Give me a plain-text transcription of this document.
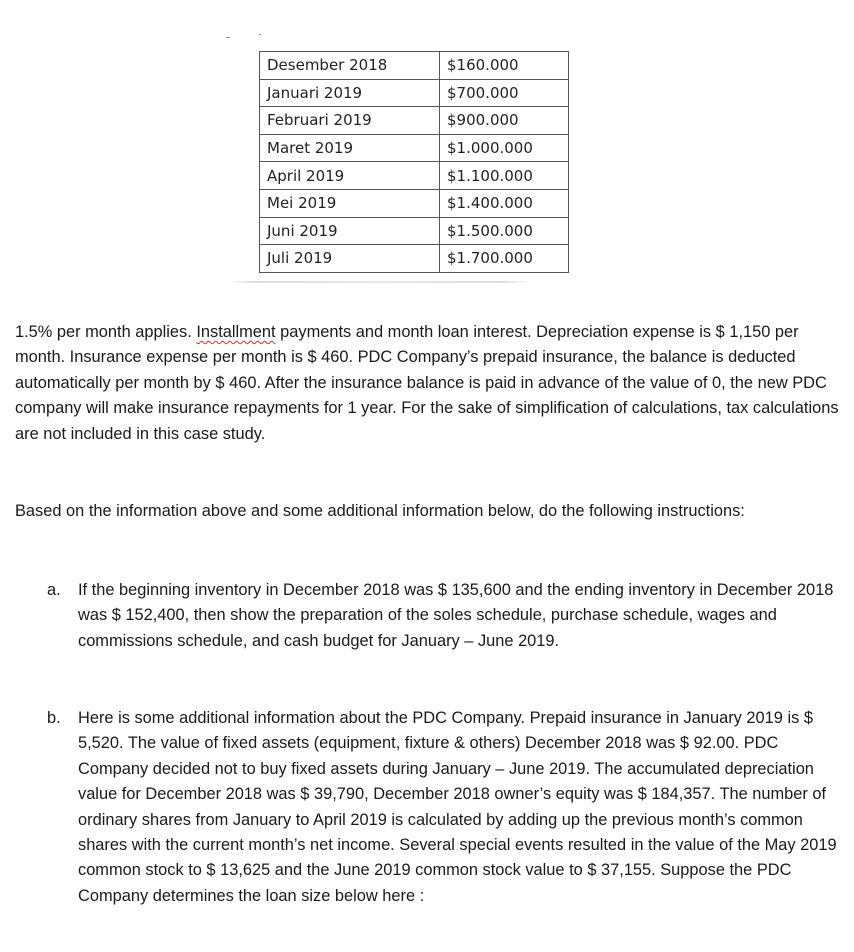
Desember 2018	$160.000
Januari 2019	$700.000
Februari 2019	$900.000
Maret 2019	$1.000.000
April 2019	$1.100.000
Mei 2019	$1.400.000
Juni 2019	$1.500.000
Juli 2019	$1.700.000

1.5% per month applies. Installment payments and month loan interest. Depreciation expense is $ 1,150 per month. Insurance expense per month is $ 460. PDC Company’s prepaid insurance, the balance is deducted automatically per month by $ 460. After the insurance balance is paid in advance of the value of 0, the new PDC company will make insurance repayments for 1 year. For the sake of simplification of calculations, tax calculations are not included in this case study.

Based on the information above and some additional information below, do the following instructions:

a. If the beginning inventory in December 2018 was $ 135,600 and the ending inventory in December 2018 was $ 152,400, then show the preparation of the soles schedule, purchase schedule, wages and commissions schedule, and cash budget for January – June 2019.
b. Here is some additional information about the PDC Company. Prepaid insurance in January 2019 is $ 5,520. The value of fixed assets (equipment, fixture & others) December 2018 was $ 92.00. PDC Company decided not to buy fixed assets during January – June 2019. The accumulated depreciation value for December 2018 was $ 39,790, December 2018 owner’s equity was $ 184,357. The number of ordinary shares from January to April 2019 is calculated by adding up the previous month’s common shares with the current month’s net income. Several special events resulted in the value of the May 2019 common stock to $ 13,625 and the June 2019 common stock value to $ 37,155. Suppose the PDC Company determines the loan size below here :
